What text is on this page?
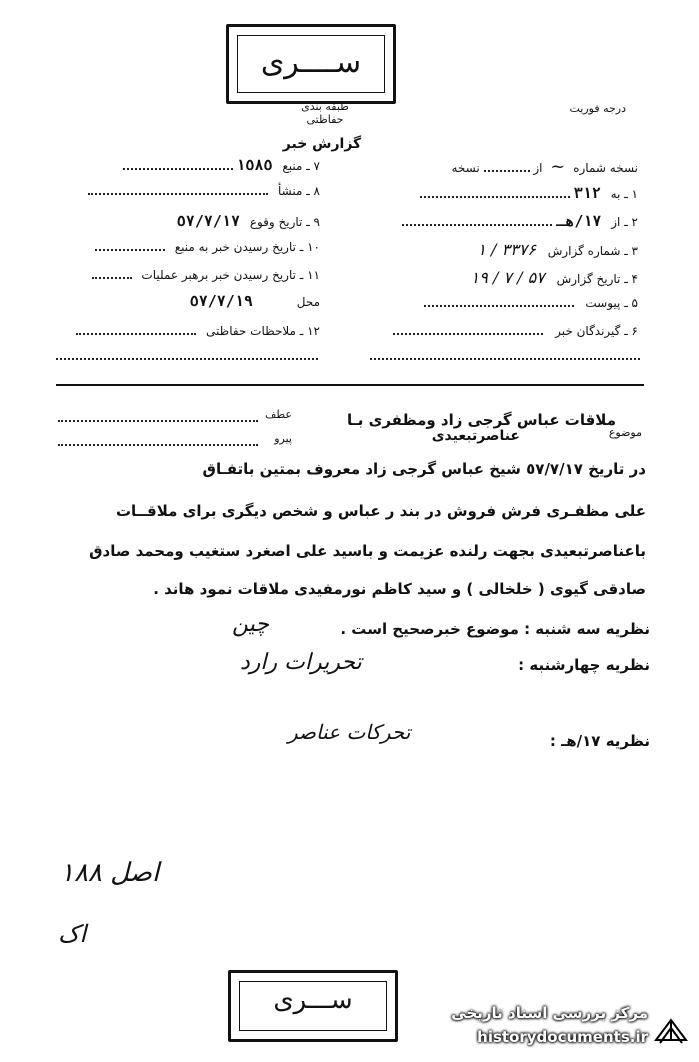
ســــرى
طبقه بندی حفاظتی
درجه فوریت
گزارش خبر
نسخه شماره ~ از  نسخه
١ ـ به ٣١٢
٢ ـ از ١٧/هـ
٣ ـ شماره گزارش ۳۳۷۶ / ۱
۴ ـ تاریخ گزارش ۵۷ / ۷ / ۱۹
۵ ـ پیوست
۶ ـ گیرندگان خبر
٧ ـ منبع ١٥٨٥
٨ ـ منشأ
٩ ـ تاریخ وقوع ٥٧/٧/١٧
١٠ ـ تاریخ رسیدن خبر به منبع
١١ ـ تاریخ رسیدن خبر برهبر عملیات
محل ٥٧/٧/١٩
١٢ ـ ملاحظات حفاظتی
موضوع
ملاقات عباس گرجی زاد ومظفری بـا
عناصرتبعیدی
عطف
پیرو
در تاریخ ٥٧/٧/١٧ شیخ عباس گرجی زاد معروف بمتین باتفـاق
علی مظفـری فرش فروش در بند ر عباس و شخص دیگری برای ملاقــات
باعناصرتبعیدی بجهت رلنده عزیمت و باسید علی اصغرد ستغیب ومحمد صادق
صادقی گیوی ( خلخالی ) و سید کاظم نورمفیدی ملاقات نمود هاند .
نظریه سه شنبه : موضوع خبرصحیح است .
ﭼﻴﻦ
نظریه چهارشنبه :
تحریرات رارد
نظریه ١٧/هـ :
تحرکات عناصر
اصل ۱۸۸
اک
ســـرى	مرکز بررسی اسناد تاریخی
historydocuments.ir
